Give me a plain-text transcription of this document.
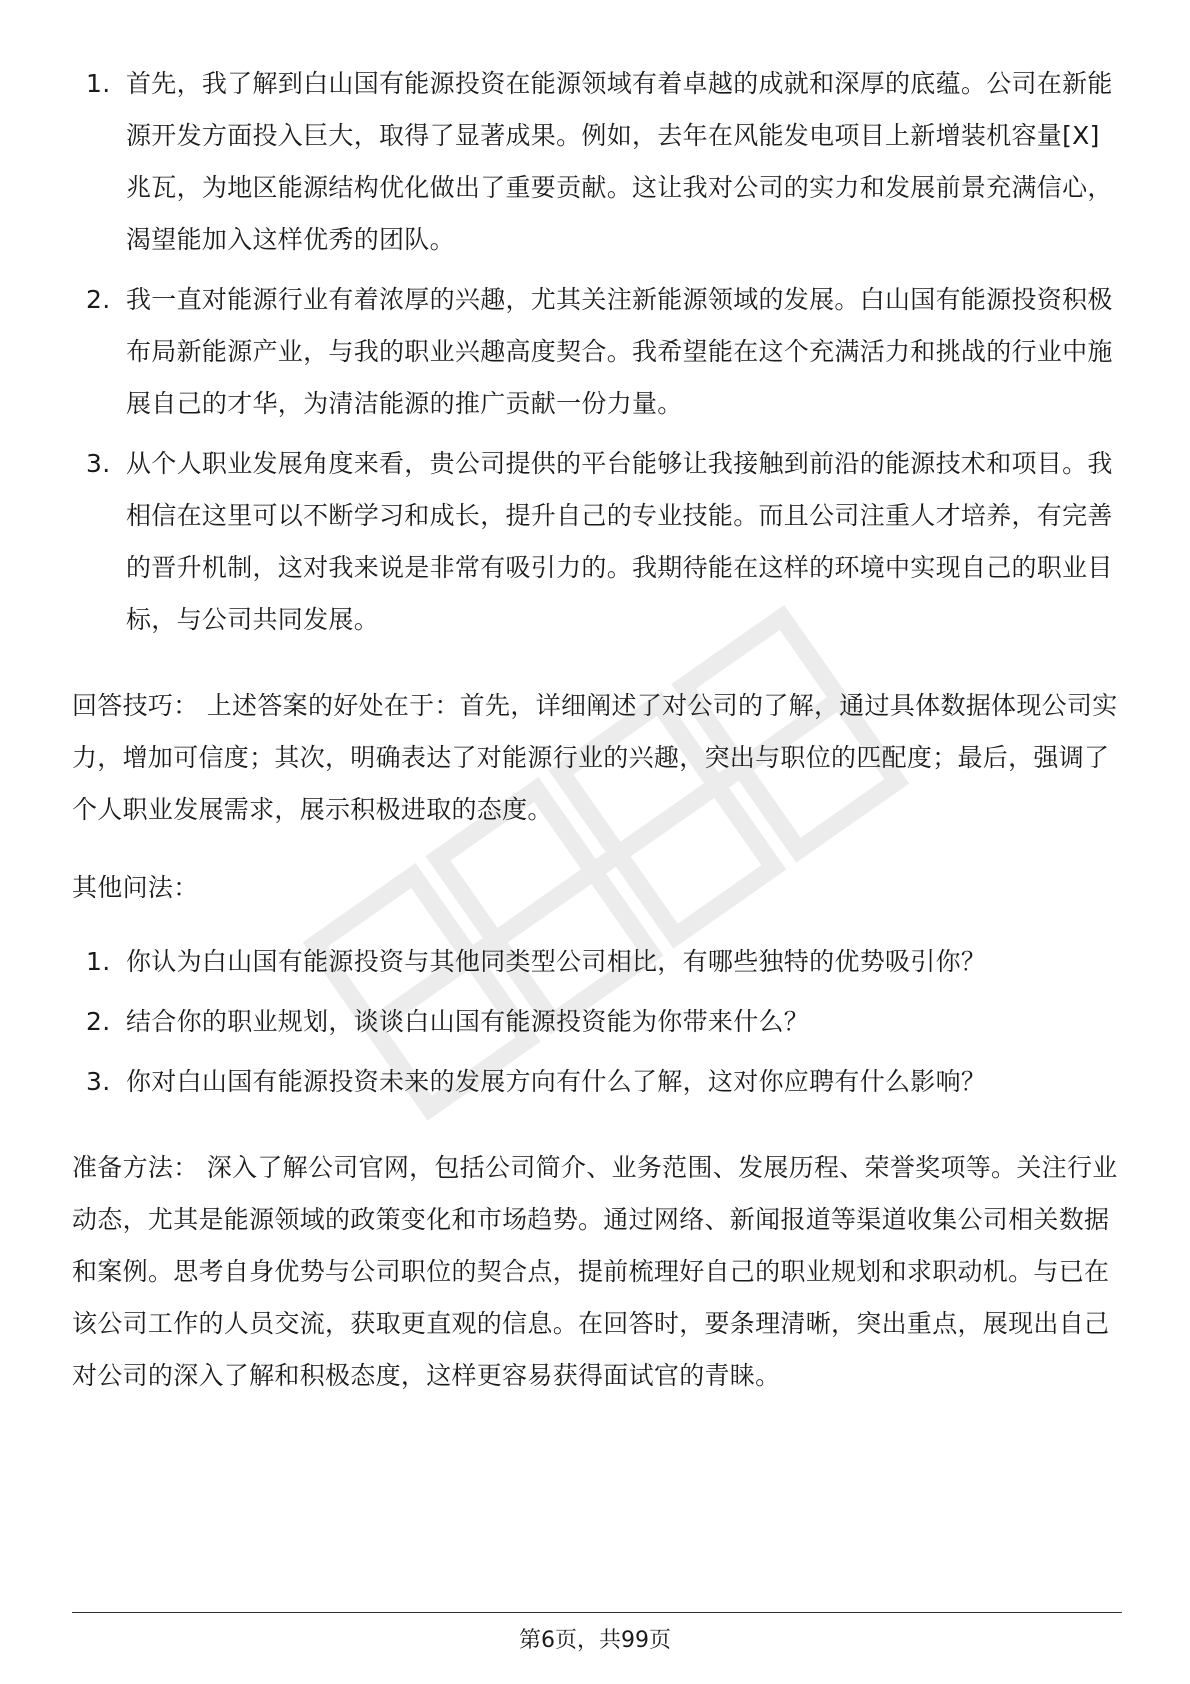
1. 首先，我了解到白山国有能源投资在能源领域有着卓越的成就和深厚的底蕴。公司在新能源开发方面投入巨大，取得了显著成果。例如，去年在风能发电项目上新增装机容量[X]兆瓦，为地区能源结构优化做出了重要贡献。这让我对公司的实力和发展前景充满信心，渴望能加入这样优秀的团队。
2. 我一直对能源行业有着浓厚的兴趣，尤其关注新能源领域的发展。白山国有能源投资积极布局新能源产业，与我的职业兴趣高度契合。我希望能在这个充满活力和挑战的行业中施展自己的才华，为清洁能源的推广贡献一份力量。
3. 从个人职业发展角度来看，贵公司提供的平台能够让我接触到前沿的能源技术和项目。我相信在这里可以不断学习和成长，提升自己的专业技能。而且公司注重人才培养，有完善的晋升机制，这对我来说是非常有吸引力的。我期待能在这样的环境中实现自己的职业目标，与公司共同发展。

回答技巧： 上述答案的好处在于：首先，详细阐述了对公司的了解，通过具体数据体现公司实力，增加可信度；其次，明确表达了对能源行业的兴趣，突出与职位的匹配度；最后，强调了个人职业发展需求，展示积极进取的态度。

其他问法：

1. 你认为白山国有能源投资与其他同类型公司相比，有哪些独特的优势吸引你？
2. 结合你的职业规划，谈谈白山国有能源投资能为你带来什么？
3. 你对白山国有能源投资未来的发展方向有什么了解，这对你应聘有什么影响？

准备方法： 深入了解公司官网，包括公司简介、业务范围、发展历程、荣誉奖项等。关注行业动态，尤其是能源领域的政策变化和市场趋势。通过网络、新闻报道等渠道收集公司相关数据和案例。思考自身优势与公司职位的契合点，提前梳理好自己的职业规划和求职动机。与已在该公司工作的人员交流，获取更直观的信息。在回答时，要条理清晰，突出重点，展现出自己对公司的深入了解和积极态度，这样更容易获得面试官的青睐。

第6页，共99页
